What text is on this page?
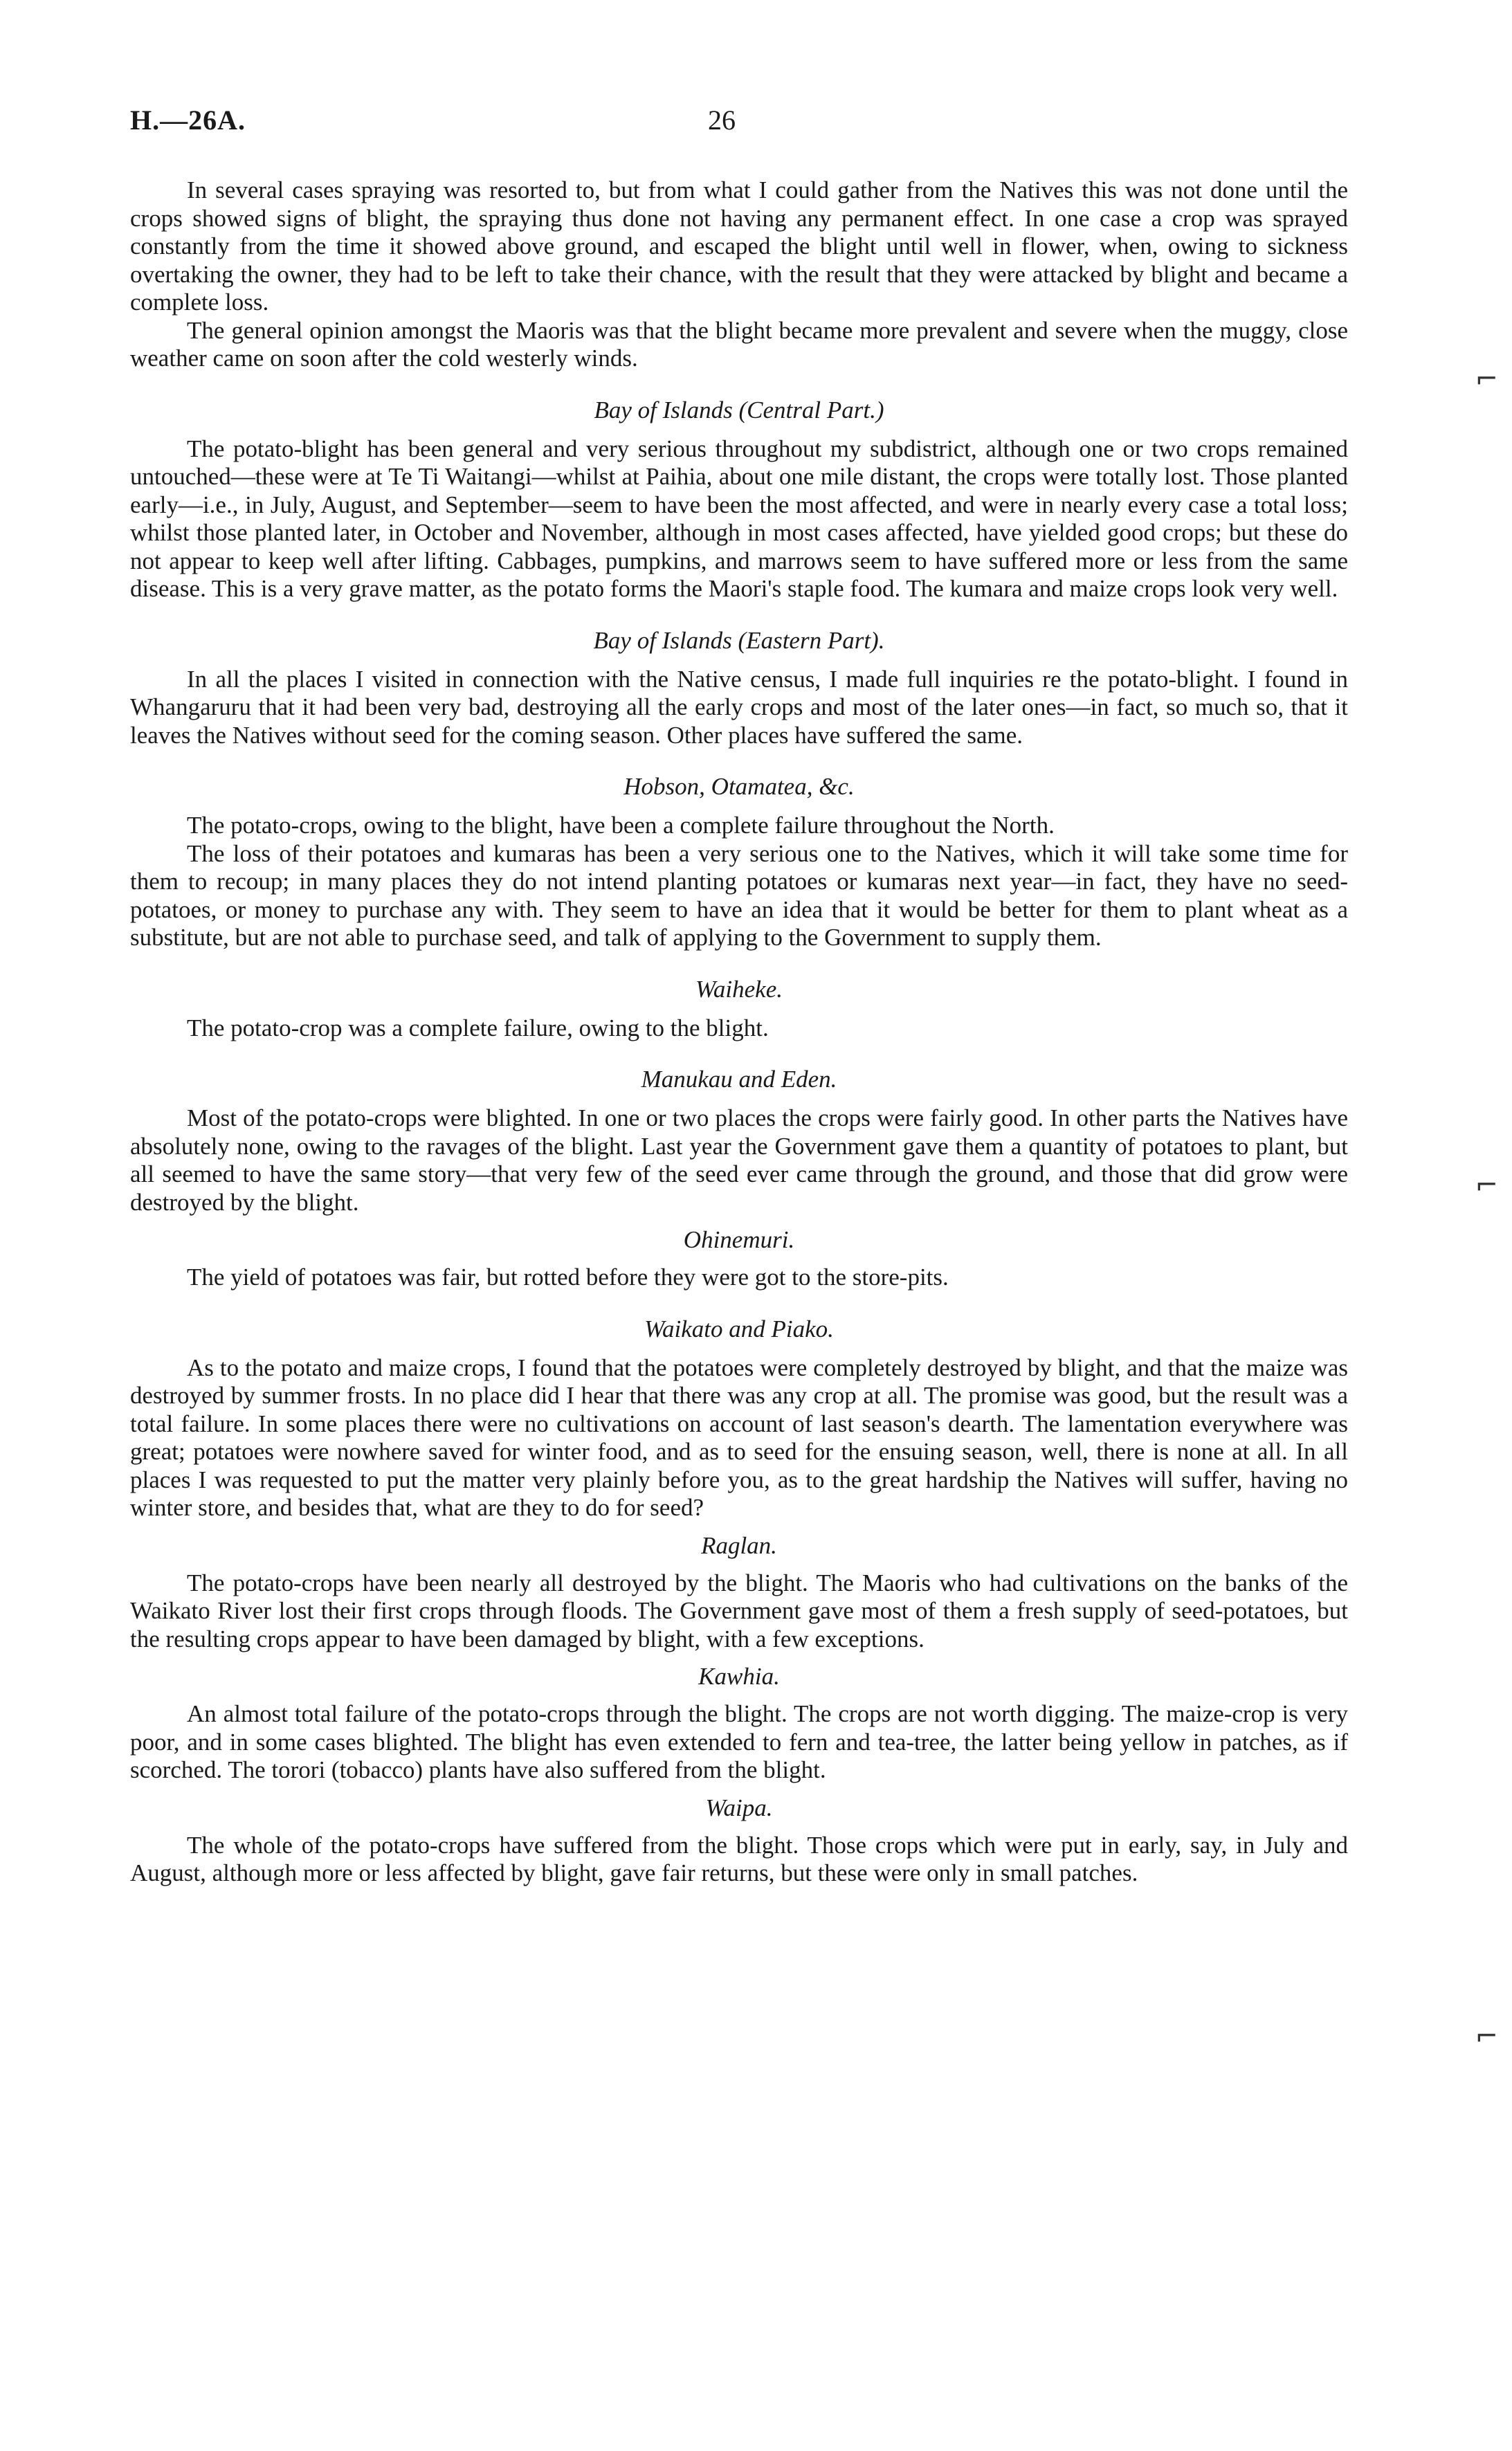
H.—26A.	26
⌐
⌐
⌐

In several cases spraying was resorted to, but from what I could gather from the Natives this was not done until the crops showed signs of blight, the spraying thus done not having any permanent effect. In one case a crop was sprayed constantly from the time it showed above ground, and escaped the blight until well in flower, when, owing to sickness overtaking the owner, they had to be left to take their chance, with the result that they were attacked by blight and became a complete loss.

The general opinion amongst the Maoris was that the blight became more prevalent and severe when the muggy, close weather came on soon after the cold westerly winds.

Bay of Islands (Central Part.)

The potato-blight has been general and very serious throughout my subdistrict, although one or two crops remained untouched—these were at Te Ti Waitangi—whilst at Paihia, about one mile distant, the crops were totally lost. Those planted early—i.e., in July, August, and September—seem to have been the most affected, and were in nearly every case a total loss; whilst those planted later, in October and November, although in most cases affected, have yielded good crops; but these do not appear to keep well after lifting. Cabbages, pumpkins, and marrows seem to have suffered more or less from the same disease. This is a very grave matter, as the potato forms the Maori's staple food. The kumara and maize crops look very well.

Bay of Islands (Eastern Part).

In all the places I visited in connection with the Native census, I made full inquiries re the potato-blight. I found in Whangaruru that it had been very bad, destroying all the early crops and most of the later ones—in fact, so much so, that it leaves the Natives without seed for the coming season. Other places have suffered the same.

Hobson, Otamatea, &c.

The potato-crops, owing to the blight, have been a complete failure throughout the North.

The loss of their potatoes and kumaras has been a very serious one to the Natives, which it will take some time for them to recoup; in many places they do not intend planting potatoes or kumaras next year—in fact, they have no seed-potatoes, or money to purchase any with. They seem to have an idea that it would be better for them to plant wheat as a substitute, but are not able to purchase seed, and talk of applying to the Government to supply them.

Waiheke.

The potato-crop was a complete failure, owing to the blight.

Manukau and Eden.

Most of the potato-crops were blighted. In one or two places the crops were fairly good. In other parts the Natives have absolutely none, owing to the ravages of the blight. Last year the Government gave them a quantity of potatoes to plant, but all seemed to have the same story—that very few of the seed ever came through the ground, and those that did grow were destroyed by the blight.

Ohinemuri.

The yield of potatoes was fair, but rotted before they were got to the store-pits.

Waikato and Piako.

As to the potato and maize crops, I found that the potatoes were completely destroyed by blight, and that the maize was destroyed by summer frosts. In no place did I hear that there was any crop at all. The promise was good, but the result was a total failure. In some places there were no cultivations on account of last season's dearth. The lamentation everywhere was great; potatoes were nowhere saved for winter food, and as to seed for the ensuing season, well, there is none at all. In all places I was requested to put the matter very plainly before you, as to the great hardship the Natives will suffer, having no winter store, and besides that, what are they to do for seed?

Raglan.

The potato-crops have been nearly all destroyed by the blight. The Maoris who had cultivations on the banks of the Waikato River lost their first crops through floods. The Government gave most of them a fresh supply of seed-potatoes, but the resulting crops appear to have been damaged by blight, with a few exceptions.

Kawhia.

An almost total failure of the potato-crops through the blight. The crops are not worth digging. The maize-crop is very poor, and in some cases blighted. The blight has even extended to fern and tea-tree, the latter being yellow in patches, as if scorched. The torori (tobacco) plants have also suffered from the blight.

Waipa.

The whole of the potato-crops have suffered from the blight. Those crops which were put in early, say, in July and August, although more or less affected by blight, gave fair returns, but these were only in small patches.
